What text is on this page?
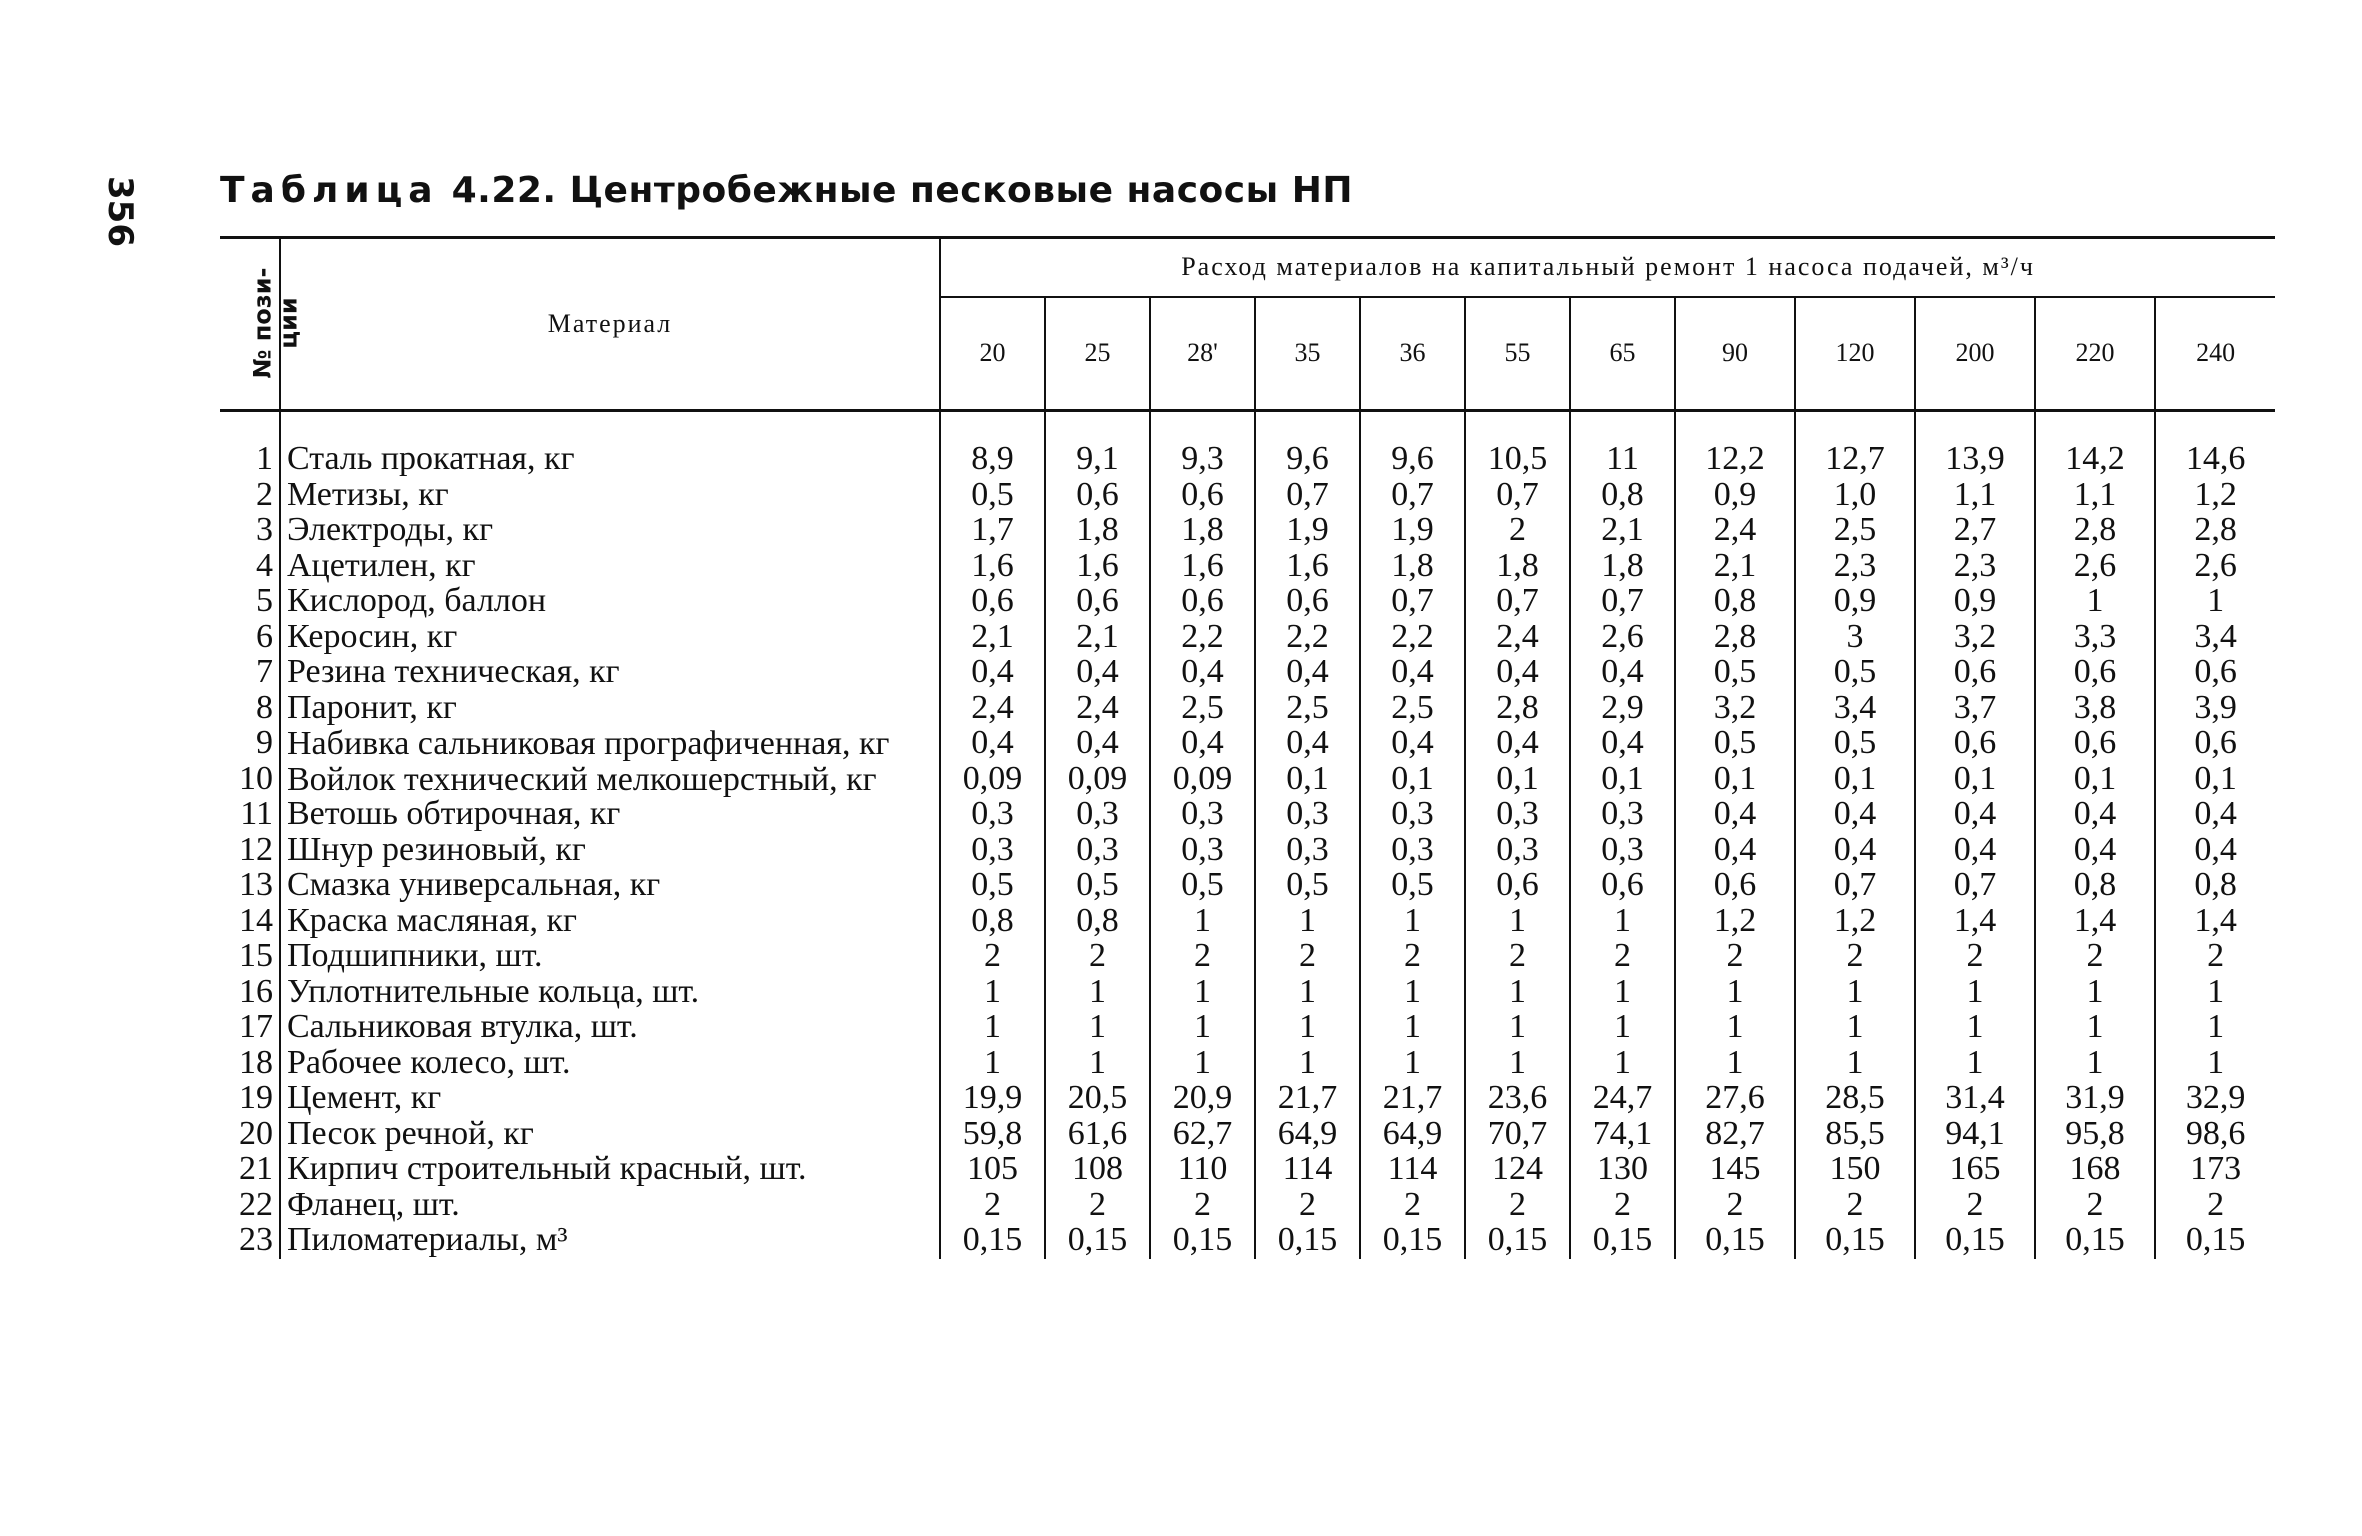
356 Таблица 4.22. Центробежные песковые насосы НП
№ пози-
ции	Материал	Расход материалов на капитальный ремонт 1 насоса подачей, м³/ч											
		20	25	28'	35	36	55	65	90	120	200	220	240
1	Сталь прокатная, кг	8,9	9,1	9,3	9,6	9,6	10,5	11	12,2	12,7	13,9	14,2	14,6
2	Метизы, кг	0,5	0,6	0,6	0,7	0,7	0,7	0,8	0,9	1,0	1,1	1,1	1,2
3	Электроды, кг	1,7	1,8	1,8	1,9	1,9	2	2,1	2,4	2,5	2,7	2,8	2,8
4	Ацетилен, кг	1,6	1,6	1,6	1,6	1,8	1,8	1,8	2,1	2,3	2,3	2,6	2,6
5	Кислород, баллон	0,6	0,6	0,6	0,6	0,7	0,7	0,7	0,8	0,9	0,9	1	1
6	Керосин, кг	2,1	2,1	2,2	2,2	2,2	2,4	2,6	2,8	3	3,2	3,3	3,4
7	Резина техническая, кг	0,4	0,4	0,4	0,4	0,4	0,4	0,4	0,5	0,5	0,6	0,6	0,6
8	Паронит, кг	2,4	2,4	2,5	2,5	2,5	2,8	2,9	3,2	3,4	3,7	3,8	3,9
9	Набивка сальниковая прографиченная, кг	0,4	0,4	0,4	0,4	0,4	0,4	0,4	0,5	0,5	0,6	0,6	0,6
10	Войлок технический мелкошерстный, кг	0,09	0,09	0,09	0,1	0,1	0,1	0,1	0,1	0,1	0,1	0,1	0,1
11	Ветошь обтирочная, кг	0,3	0,3	0,3	0,3	0,3	0,3	0,3	0,4	0,4	0,4	0,4	0,4
12	Шнур резиновый, кг	0,3	0,3	0,3	0,3	0,3	0,3	0,3	0,4	0,4	0,4	0,4	0,4
13	Смазка универсальная, кг	0,5	0,5	0,5	0,5	0,5	0,6	0,6	0,6	0,7	0,7	0,8	0,8
14	Краска масляная, кг	0,8	0,8	1	1	1	1	1	1,2	1,2	1,4	1,4	1,4
15	Подшипники, шт.	2	2	2	2	2	2	2	2	2	2	2	2
16	Уплотнительные кольца, шт.	1	1	1	1	1	1	1	1	1	1	1	1
17	Сальниковая втулка, шт.	1	1	1	1	1	1	1	1	1	1	1	1
18	Рабочее колесо, шт.	1	1	1	1	1	1	1	1	1	1	1	1
19	Цемент, кг	19,9	20,5	20,9	21,7	21,7	23,6	24,7	27,6	28,5	31,4	31,9	32,9
20	Песок речной, кг	59,8	61,6	62,7	64,9	64,9	70,7	74,1	82,7	85,5	94,1	95,8	98,6
21	Кирпич строительный красный, шт.	105	108	110	114	114	124	130	145	150	165	168	173
22	Фланец, шт.	2	2	2	2	2	2	2	2	2	2	2	2
23	Пиломатериалы, м³	0,15	0,15	0,15	0,15	0,15	0,15	0,15	0,15	0,15	0,15	0,15	0,15
